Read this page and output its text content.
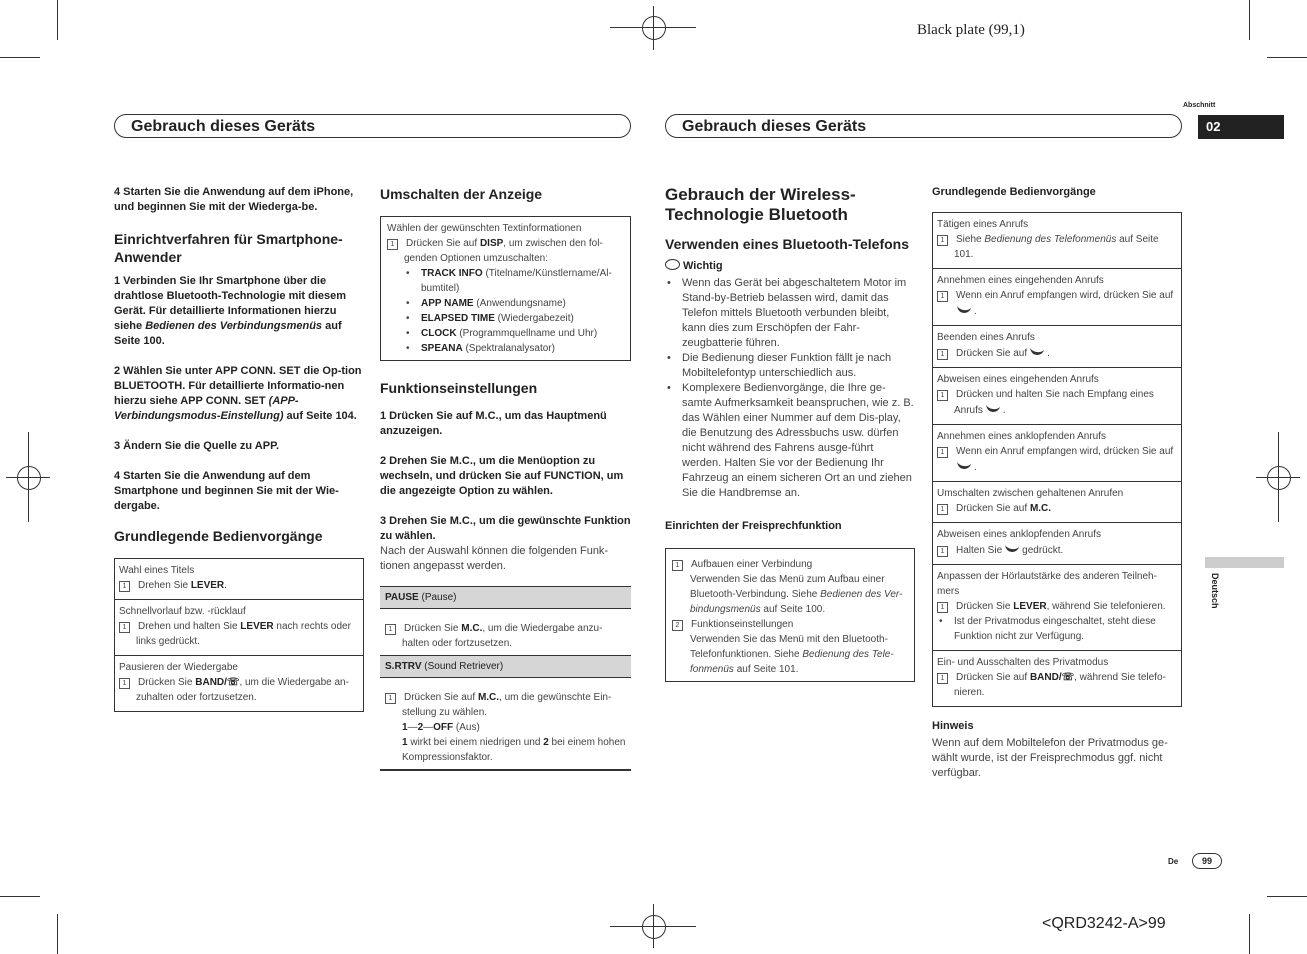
Black plate (99,1)
Abschnitt
02
Gebrauch dieses Geräts	Gebrauch dieses Geräts
Deutsch
De	99
<QRD3242-A>99

4 Starten Sie die Anwendung auf dem iPhone, und beginnen Sie mit der Wiederga-be.

Einrichtverfahren für Smartphone-Anwender

1 Verbinden Sie Ihr Smartphone über die drahtlose Bluetooth-Technologie mit diesem Gerät. Für detaillierte Informationen hierzu siehe Bedienen des Verbindungsmenüs auf Seite 100.

2 Wählen Sie unter APP CONN. SET die Op-tion BLUETOOTH. Für detaillierte Informatio-nen hierzu siehe APP CONN. SET (APP-Verbindungsmodus-Einstellung) auf Seite 104.

3 Ändern Sie die Quelle zu APP.

4 Starten Sie die Anwendung auf dem Smartphone und beginnen Sie mit der Wie-dergabe.

Grundlegende Bedienvorgänge
Wahl eines Titels
1 Drehen Sie LEVER.
Schnellvorlauf bzw. -rücklauf
1 Drehen und halten Sie LEVER nach rechts oder links gedrückt.
Pausieren der Wiedergabe
1 Drücken Sie BAND/☏, um die Wiedergabe an-zuhalten oder fortzusetzen.
Umschalten der Anzeige
Wählen der gewünschten Textinformationen
1 Drücken Sie auf DISP, um zwischen den fol-genden Optionen umzuschalten:
• TRACK INFO (Titelname/Künstlername/Al-bumtitel)
• APP NAME (Anwendungsname)
• ELAPSED TIME (Wiedergabezeit)
• CLOCK (Programmquellname und Uhr)
• SPEANA (Spektralanalysator)
Funktionseinstellungen

1 Drücken Sie auf M.C., um das Hauptmenü anzuzeigen.

2 Drehen Sie M.C., um die Menüoption zu wechseln, und drücken Sie auf FUNCTION, um die angezeigte Option zu wählen.

3 Drehen Sie M.C., um die gewünschte Funktion zu wählen.

Nach der Auswahl können die folgenden Funk-tionen angepasst werden.

PAUSE (Pause)
1 Drücken Sie M.C., um die Wiedergabe anzu-halten oder fortzusetzen.
S.RTRV (Sound Retriever)
1 Drücken Sie auf M.C., um die gewünschte Ein-stellung zu wählen.
1—2—OFF (Aus)
1 wirkt bei einem niedrigen und 2 bei einem hohen Kompressionsfaktor.
Gebrauch der Wireless-Technologie Bluetooth
Verwenden eines Bluetooth-Telefons
Wichtig
• Wenn das Gerät bei abgeschaltetem Motor im Stand-by-Betrieb belassen wird, damit das Telefon mittels Bluetooth verbunden bleibt, kann dies zum Erschöpfen der Fahr-zeugbatterie führen.
• Die Bedienung dieser Funktion fällt je nach Mobiltelefontyp unterschiedlich aus.
• Komplexere Bedienvorgänge, die Ihre ge-samte Aufmerksamkeit beanspruchen, wie z. B. das Wählen einer Nummer auf dem Dis-play, die Benutzung des Adressbuchs usw. dürfen nicht während des Fahrens ausge-führt werden. Halten Sie vor der Bedienung Ihr Fahrzeug an einem sicheren Ort an und ziehen Sie die Handbremse an.
Einrichten der Freisprechfunktion
1 Aufbauen einer Verbindung
Verwenden Sie das Menü zum Aufbau einer Bluetooth-Verbindung. Siehe Bedienen des Ver-bindungsmenüs auf Seite 100.
2 Funktionseinstellungen
Verwenden Sie das Menü mit den Bluetooth-Telefonfunktionen. Siehe Bedienung des Tele-fonmenüs auf Seite 101.
Grundlegende Bedienvorgänge
Tätigen eines Anrufs
1 Siehe Bedienung des Telefonmenüs auf Seite 101.
Annehmen eines eingehenden Anrufs
1 Wenn ein Anruf empfangen wird, drücken Sie auf.
Beenden eines Anrufs
1 Drücken Sie auf .
Abweisen eines eingehenden Anrufs
1 Drücken und halten Sie nach Empfang eines Anrufs .
Annehmen eines anklopfenden Anrufs
1 Wenn ein Anruf empfangen wird, drücken Sie auf.
Umschalten zwischen gehaltenen Anrufen
1 Drücken Sie auf M.C.
Abweisen eines anklopfenden Anrufs
1 Halten Sie gedrückt.
Anpassen der Hörlautstärke des anderen Teilneh-mers
1 Drücken Sie LEVER, während Sie telefonieren.
• Ist der Privatmodus eingeschaltet, steht diese Funktion nicht zur Verfügung.
Ein- und Ausschalten des Privatmodus
1 Drücken Sie auf BAND/☏, während Sie telefo-nieren.
Hinweis

Wenn auf dem Mobiltelefon der Privatmodus ge-wählt wurde, ist der Freisprechmodus ggf. nicht verfügbar.
